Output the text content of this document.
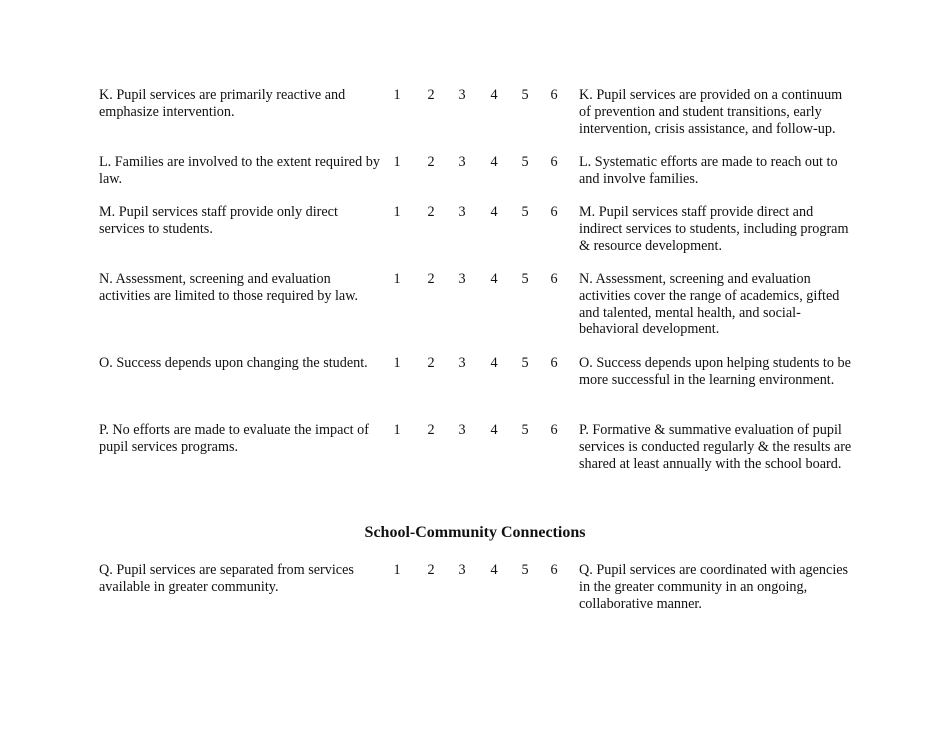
K. Pupil services are primarily reactive and emphasize intervention.
1 2 3 4 5 6 K. Pupil services are provided on a continuum of prevention and student transitions, early intervention, crisis assistance, and follow-up.
L. Families are involved to the extent required by law.
1 2 3 4 5 6 L. Systematic efforts are made to reach out to and involve families.
M. Pupil services staff provide only direct services to students.
1 2 3 4 5 6 M. Pupil services staff provide direct and indirect services to students, including program & resource development.
N. Assessment, screening and evaluation activities are limited to those required by law.
1 2 3 4 5 6 N. Assessment, screening and evaluation activities cover the range of academics, gifted and talented, mental health, and social-behavioral development.
O. Success depends upon changing the student.	1 2 3 4 5 6 O. Success depends upon helping students to be more successful in the learning environment.
P. No efforts are made to evaluate the impact of pupil services programs.
1 2 3 4 5 6 P. Formative & summative evaluation of pupil services is conducted regularly & the results are shared at least annually with the school board.
School-Community Connections
Q. Pupil services are separated from services available in greater community.
1 2 3 4 5 6 Q. Pupil services are coordinated with agencies in the greater community in an ongoing, collaborative manner.
